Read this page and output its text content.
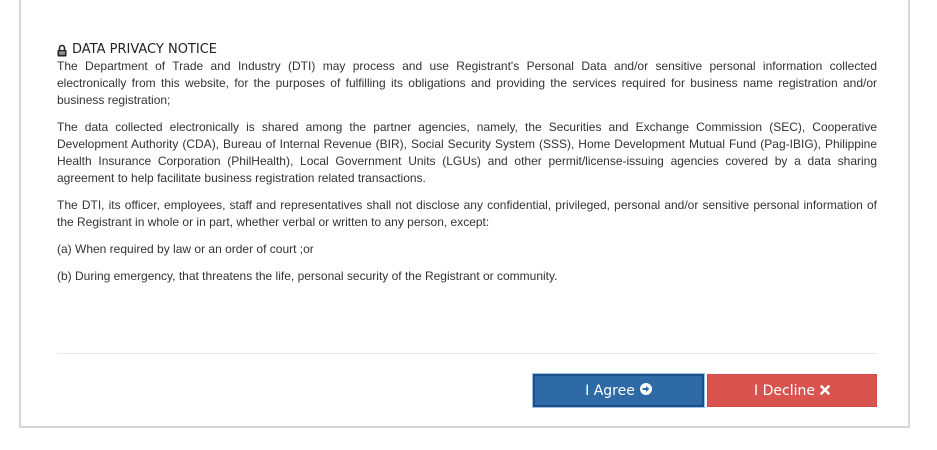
DATA PRIVACY NOTICE

The Department of Trade and Industry (DTI) may process and use Registrant's Personal Data and/or sensitive personal information collected electronically from this website, for the purposes of fulfilling its obligations and providing the services required for business name registration and/or business registration;

The data collected electronically is shared among the partner agencies, namely, the Securities and Exchange Commission (SEC), Cooperative Development Authority (CDA), Bureau of Internal Revenue (BIR), Social Security System (SSS), Home Development Mutual Fund (Pag-IBIG), Philippine Health Insurance Corporation (PhilHealth), Local Government Units (LGUs) and other permit/license-issuing agencies covered by a data sharing agreement to help facilitate business registration related transactions.

The DTI, its officer, employees, staff and representatives shall not disclose any confidential, privileged, personal and/or sensitive personal information of the Registrant in whole or in part, whether verbal or written to any person, except:

(a) When required by law or an order of court ;or

(b) During emergency, that threatens the life, personal security of the Registrant or community.

I Agree	I Decline
